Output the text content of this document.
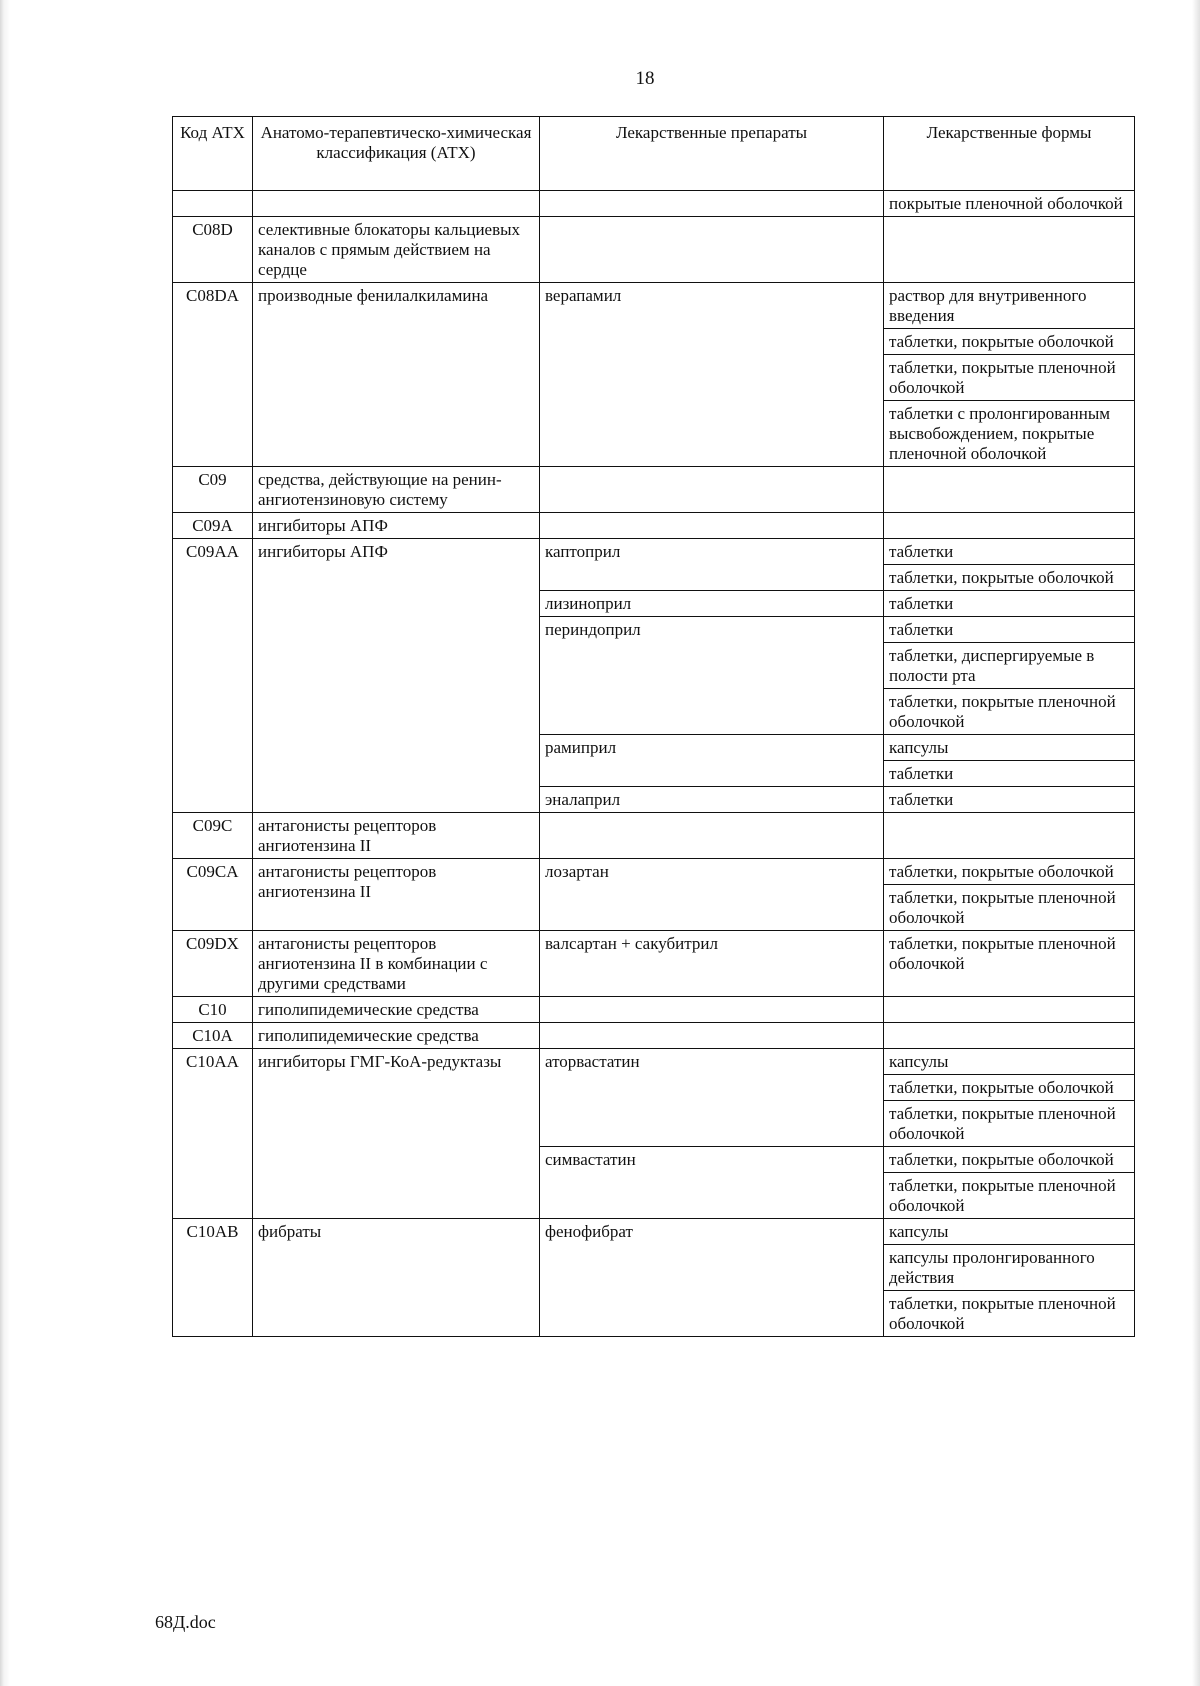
18
Код АТХ	Анатомо-терапевтическо-химическая классификация (АТХ)	Лекарственные препараты	Лекарственные формы
			покрытые пленочной оболочкой
C08D	селективные блокаторы кальциевых каналов с прямым действием на сердце		
C08DA	производные фенилалкиламина	верапамил	раствор для внутривенного введения
			таблетки, покрытые оболочкой
			таблетки, покрытые пленочной оболочкой
			таблетки с пролонгированным высвобождением, покрытые пленочной оболочкой
C09	средства, действующие на ренин-ангиотензиновую систему		
C09A	ингибиторы АПФ		
C09AA	ингибиторы АПФ	каптоприл	таблетки
			таблетки, покрытые оболочкой
		лизиноприл	таблетки
		периндоприл	таблетки
			таблетки, диспергируемые в полости рта
			таблетки, покрытые пленочной оболочкой
		рамиприл	капсулы
			таблетки
		эналаприл	таблетки
C09C	антагонисты рецепторов ангиотензина II		
C09CA	антагонисты рецепторов ангиотензина II	лозартан	таблетки, покрытые оболочкой
			таблетки, покрытые пленочной оболочкой
C09DX	антагонисты рецепторов ангиотензина II в комбинации с другими средствами	валсартан + сакубитрил	таблетки, покрытые пленочной оболочкой
C10	гиполипидемические средства		
C10A	гиполипидемические средства		
C10AA	ингибиторы ГМГ-КоА-редуктазы	аторвастатин	капсулы
			таблетки, покрытые оболочкой
			таблетки, покрытые пленочной оболочкой
		симвастатин	таблетки, покрытые оболочкой
			таблетки, покрытые пленочной оболочкой
C10AB	фибраты	фенофибрат	капсулы
			капсулы пролонгированного действия
			таблетки, покрытые пленочной оболочкой
68Д.doc
